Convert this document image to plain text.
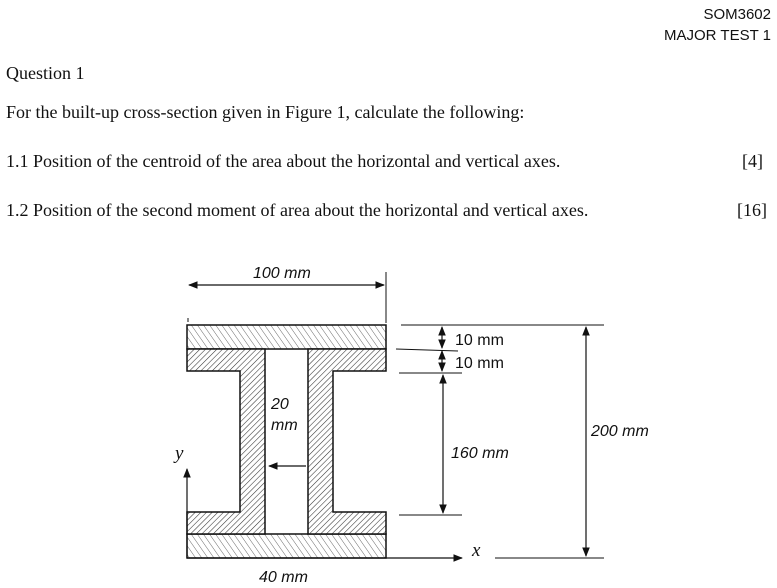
SOM3602
MAJOR TEST 1
Question 1
For the built-up cross-section given in Figure 1, calculate the following:
1.1 Position of the centroid of the area about the horizontal and vertical axes.	[4]
1.2 Position of the second moment of area about the horizontal and vertical axes.	[16]
100 mm
10 mm
10 mm
160 mm
200 mm
20
mm
40 mm
x
y
